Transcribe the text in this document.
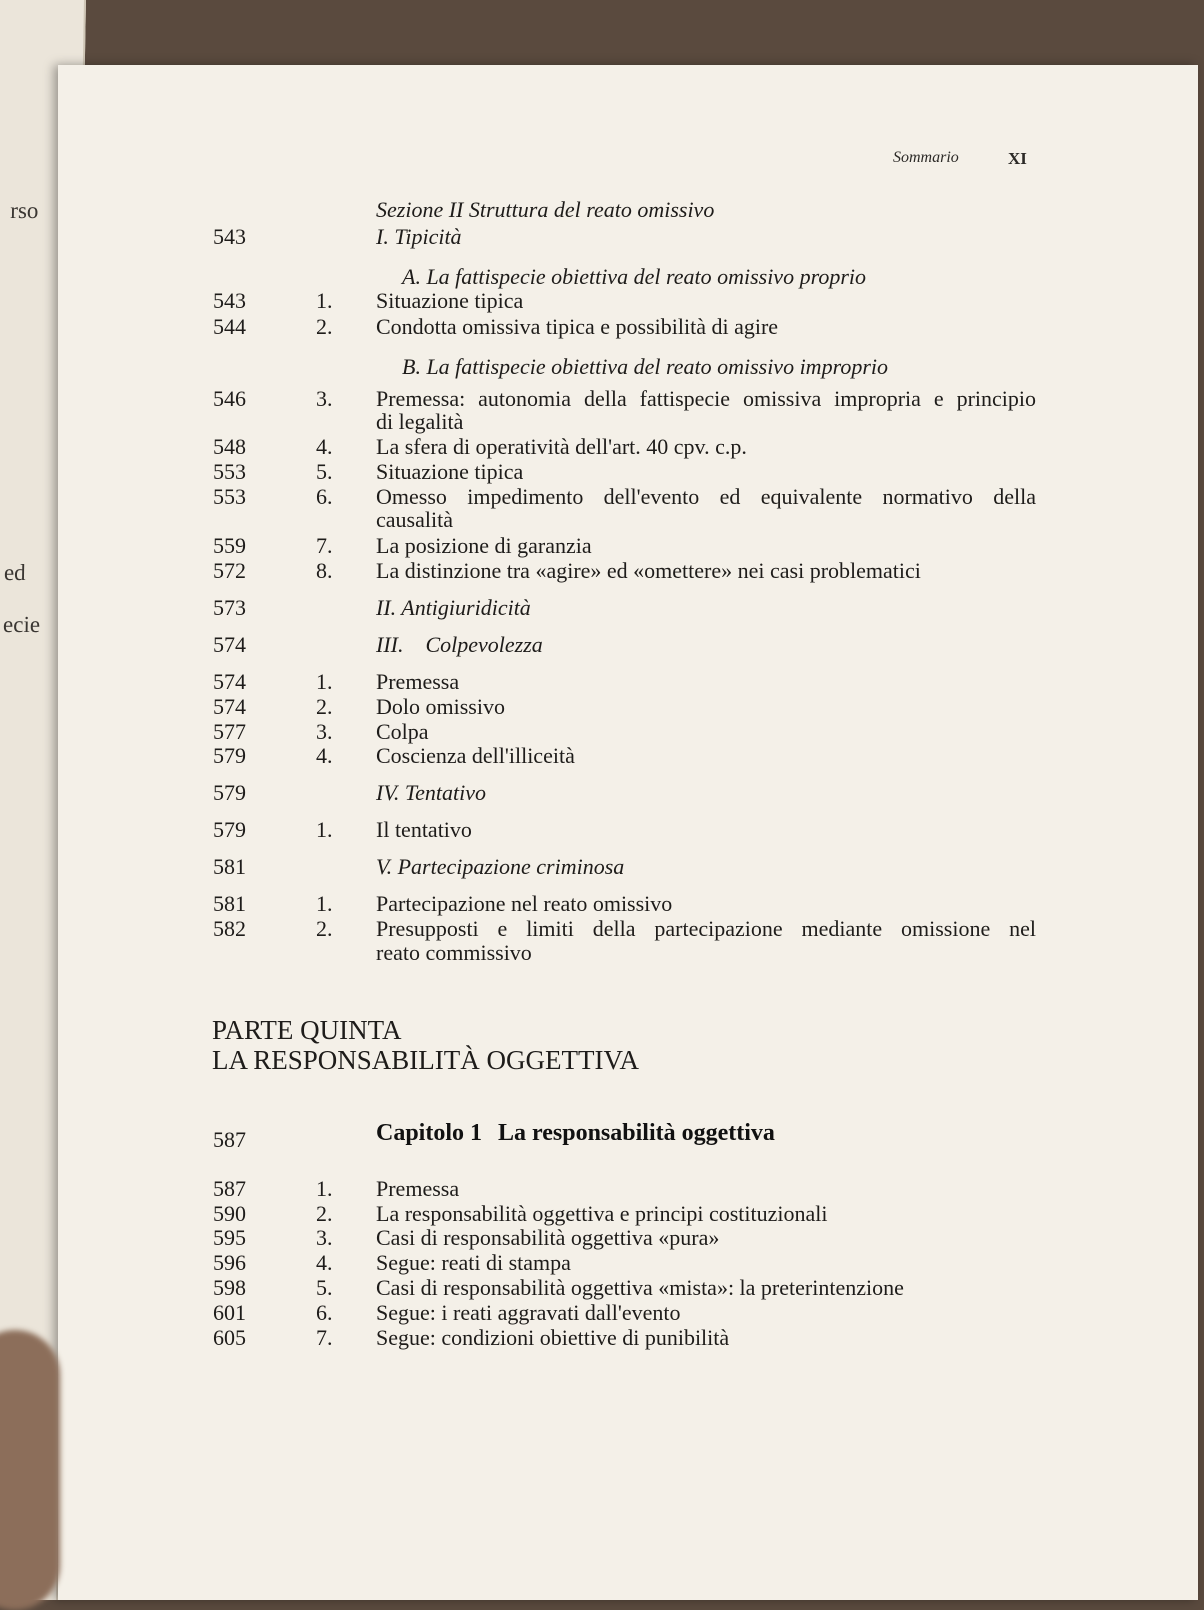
rso
ed
ecie
Sommario	XI
Sezione II Struttura del reato omissivo
543	I. Tipicità
A. La fattispecie obiettiva del reato omissivo proprio
543	1.	Situazione tipica
544	2.	Condotta omissiva tipica e possibilità di agire
B. La fattispecie obiettiva del reato omissivo improprio
546	3.	Premessa: autonomia della fattispecie omissiva impropria e principio
di legalità
548	4.	La sfera di operatività dell'art. 40 cpv. c.p.
553	5.	Situazione tipica
553	6.	Omesso impedimento dell'evento ed equivalente normativo della
causalità
559	7.	La posizione di garanzia
572	8.	La distinzione tra «agire» ed «omettere» nei casi problematici
573	II. Antigiuridicità
574	III.    Colpevolezza
574	1.	Premessa
574	2.	Dolo omissivo
577	3.	Colpa
579	4.	Coscienza dell'illiceità
579	IV. Tentativo
579	1.	Il tentativo
581	V. Partecipazione criminosa
581	1.	Partecipazione nel reato omissivo
582	2.	Presupposti e limiti della partecipazione mediante omissione nel
reato commissivo
PARTE QUINTA
LA RESPONSABILITÀ OGGETTIVA
587	Capitolo 1 La responsabilità oggettiva
587	1.	Premessa
590	2.	La responsabilità oggettiva e principi costituzionali
595	3.	Casi di responsabilità oggettiva «pura»
596	4.	Segue: reati di stampa
598	5.	Casi di responsabilità oggettiva «mista»: la preterintenzione
601	6.	Segue: i reati aggravati dall'evento
605	7.	Segue: condizioni obiettive di punibilità
